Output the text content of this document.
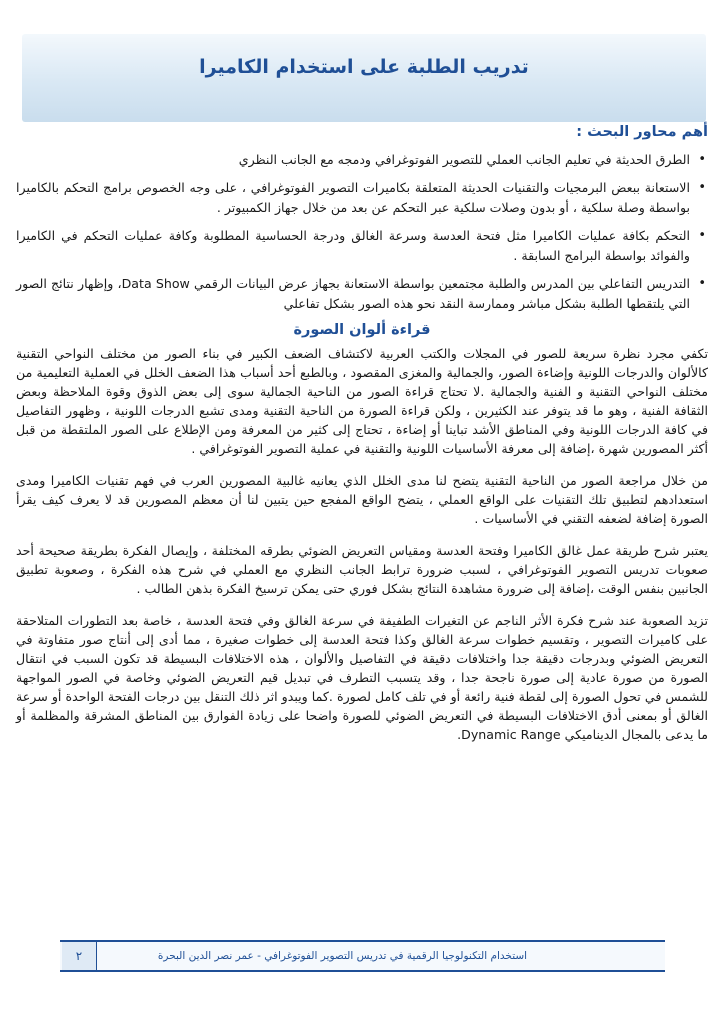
تدريب الطلبة على استخدام الكاميرا
أهم محاور البحث :
•
الطرق الحديثة في تعليم الجانب العملي للتصوير الفوتوغرافي ودمجه مع الجانب النظري
•
الاستعانة ببعض البرمجيات والتقنيات الحديثة المتعلقة بكاميرات التصوير الفوتوغرافي ، على وجه الخصوص برامج التحكم بالكاميرا بواسطة وصلة سلكية ، أو بدون وصلات سلكية عبر التحكم عن بعد من خلال جهاز الكمبيوتر .
•
التحكم بكافة عمليات الكاميرا مثل فتحة العدسة وسرعة الغالق ودرجة الحساسية المطلوبة وكافة عمليات التحكم في الكاميرا والفوائد بواسطة البرامج السابقة .
•
التدريس التفاعلي بين المدرس والطلبة مجتمعين بواسطة الاستعانة بجهاز عرض البيانات الرقمي Data Show، وإظهار نتائج الصور التي يلتقطها الطلبة بشكل مباشر وممارسة النقد نحو هذه الصور بشكل تفاعلي
قراءة ألوان الصورة

تكفي مجرد نظرة سريعة للصور في المجلات والكتب العربية لاكتشاف الضعف الكبير في بناء الصور من مختلف النواحي التقنية كالألوان والدرجات اللونية وإضاءة الصور، والجمالية والمغزى المقصود ، وبالطبع أحد أسباب هذا الضعف الخلل في العملية التعليمية من مختلف النواحي التقنية و الفنية والجمالية .لا تحتاج قراءة الصور من الناحية الجمالية سوى إلى بعض الذوق وقوة الملاحظة وبعض الثقافة الفنية ، وهو ما قد يتوفر عند الكثيرين ، ولكن قراءة الصورة من الناحية التقنية ومدى تشبع الدرجات اللونية ، وظهور التفاصيل في كافة الدرجات اللونية وفي المناطق الأشد تباينا أو إضاءة ، تحتاج إلى كثير من المعرفة ومن الإطلاع على الصور الملتقطة من قبل أكثر المصورين شهرة ،إضافة إلى معرفة الأساسيات اللونية والتقنية في عملية التصوير الفوتوغرافي .

من خلال مراجعة الصور من الناحية التقنية يتضح لنا مدى الخلل الذي يعانيه غالبية المصورين العرب في فهم تقنيات الكاميرا ومدى استعدادهم لتطبيق تلك التقنيات على الواقع العملي ، يتضح الواقع المفجع حين يتبين لنا أن معظم المصورين قد لا يعرف كيف يقرأ الصورة إضافة لضعفه التقني في الأساسيات .

يعتبر شرح طريقة عمل غالق الكاميرا وفتحة العدسة ومقياس التعريض الضوئي بطرقه المختلفة ، وإيصال الفكرة بطريقة صحيحة أحد صعوبات تدريس التصوير الفوتوغرافي ، لسبب ضرورة ترابط الجانب النظري مع العملي في شرح هذه الفكرة ، وصعوبة تطبيق الجانبين بنفس الوقت ،إضافة إلى ضرورة مشاهدة النتائج بشكل فوري حتى يمكن ترسيخ الفكرة بذهن الطالب .

تزيد الصعوبة عند شرح فكرة الأثر الناجم عن التغيرات الطفيفة في سرعة الغالق وفي فتحة العدسة ، خاصة بعد التطورات المتلاحقة على كاميرات التصوير ، وتقسيم خطوات سرعة الغالق وكذا فتحة العدسة إلى خطوات صغيرة ، مما أدى إلى أنتاج صور متفاوتة في التعريض الضوئي وبدرجات دقيقة جدا واختلافات دقيقة في التفاصيل والألوان ، هذه الاختلافات البسيطة قد تكون السبب في انتقال الصورة من صورة عادية إلى صورة ناجحة جدا ، وقد يتسبب التطرف في تبديل قيم التعريض الضوئي وخاصة في الصور المواجهة للشمس في تحول الصورة إلى لقطة فنية رائعة أو في تلف كامل لصورة .كما ويبدو اثر ذلك التنقل بين درجات الفتحة الواحدة أو سرعة الغالق أو بمعنى أدق الاختلافات البسيطة في التعريض الضوئي للصورة واضحا على زيادة الفوارق بين المناطق المشرقة والمظلمة أو ما يدعى بالمجال الديناميكي Dynamic Range.

استخدام التكنولوجيا الرقمية في تدريس التصوير الفوتوغرافي - عمر نصر الدين البحرة
٢
